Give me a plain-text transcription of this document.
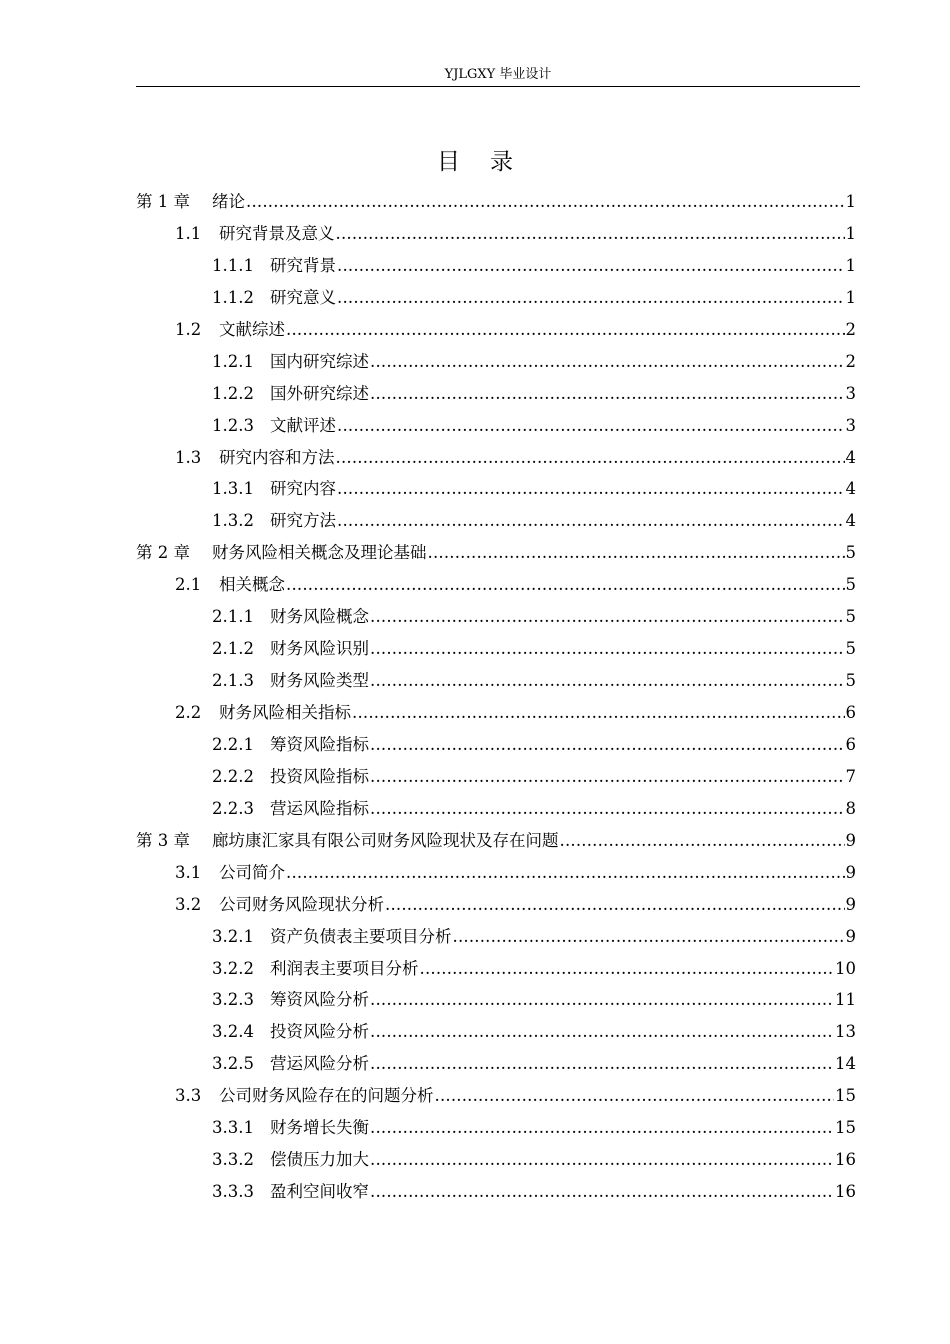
YJLGXY 毕业设计
目录
第 1 章	绪论 .....	1
1.1	研究背景及意义 .....	1
1.1.1 研究背景 .....	1
1.1.2 研究意义 .....	1
1.2	文献综述 .....	2
1.2.1 国内研究综述 .....	2
1.2.2 国外研究综述 .....	3
1.2.3 文献评述 .....	3
1.3	研究内容和方法 .....	4
1.3.1 研究内容 .....	4
1.3.2 研究方法 .....	4
第 2 章	财务风险相关概念及理论基础 .....	5
2.1	相关概念 .....	5
2.1.1 财务风险概念 .....	5
2.1.2 财务风险识别 .....	5
2.1.3 财务风险类型 .....	5
2.2	财务风险相关指标 .....	6
2.2.1 筹资风险指标 .....	6
2.2.2 投资风险指标 .....	7
2.2.3 营运风险指标 .....	8
第 3 章	廊坊康汇家具有限公司财务风险现状及存在问题 .....	9
3.1	公司简介 .....	9
3.2	公司财务风险现状分析 .....	9
3.2.1 资产负债表主要项目分析 .....	9
3.2.2 利润表主要项目分析 .....	10
3.2.3 筹资风险分析 .....	11
3.2.4 投资风险分析 .....	13
3.2.5 营运风险分析 .....	14
3.3	公司财务风险存在的问题分析 .....	15
3.3.1 财务增长失衡 .....	15
3.3.2 偿债压力加大 .....	16
3.3.3 盈利空间收窄 .....	16
